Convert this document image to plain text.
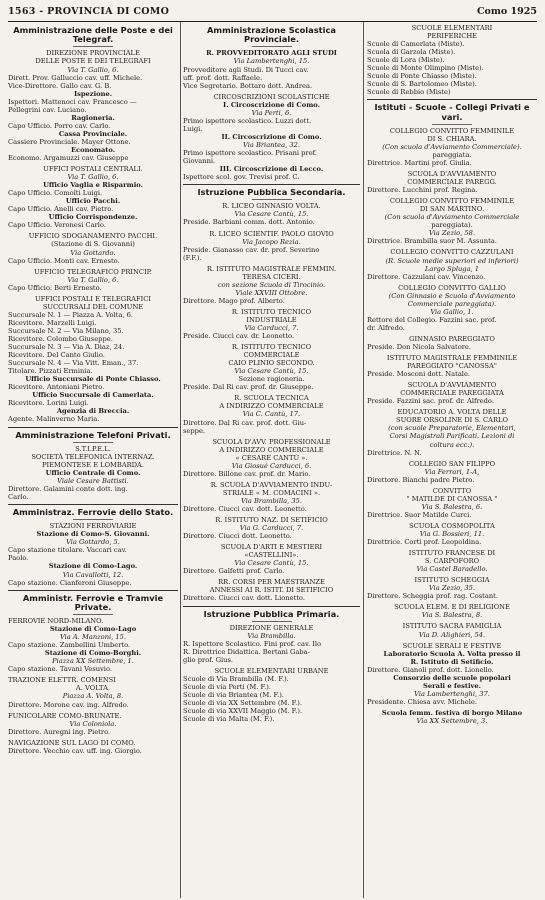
1563 - PROVINCIA DI COMO	Como 1925
Amministrazione delle Poste e dei Telegraf.
DIREZIONE PROVINCIALE
DELLE POSTE E DEI TELEGRAFI
Via T. Gallio, 6.
Dirett. Prov. Galluccio cav. uff. Michele.
Vice-Direttore. Gallo cav. G. B.
Ispezione.
Ispettori. Mattenoci cav. Francesco —
Pellegrini cav. Luciano.
Ragioneria.
Capo Ufficio. Porro cav. Carlo.
Cassa Provinciale.
Cassiere Provinciale. Mayer Ottone.
Economato.
Economo. Argamuzzi cav. Giuseppe
UFFICI POSTALI CENTRALI.
Via T. Gallio, 6.
Ufficio Vaglia e Risparmio.
Capo Ufficio. Comoîti Luigi.
Ufficio Pacchi.
Capo Ufficio. Anelli cav. Pietro.
Ufficio Corrispondenze.
Capo Ufficio. Veronesi Carlo.
UFFICIO SDOGANAMENTO PACCHI.
(Stazione di S. Giovanni)
Via Gottardo.
Capo Ufficio. Monti cav. Ernesto.
UFFICIO TELEGRAFICO PRINCIP.
Via T. Gallio, 6.
Capo Ufficio. Berti Ernesto.
UFFICI POSTALI E TELEGRAFICI
SUCCURSALI DEL COMUNE
Succursale N. 1 — Piazza A. Volta, 6.
Ricevitore. Marzelli Luigi.
Succursale N. 2 — Via Milano, 35.
Ricevitore. Colombo Giuseppe.
Succursale N. 3 — Via A. Diaz, 24.
Ricevitore. Del Canto Giulio.
Succursale N. 4 — Via Vitt. Eman., 37.
Titolare. Pizzati Erminia.
Ufficio Succursale di Ponte Chiasso.
Ricevitore. Antoniani Pietro.
Ufficio Succursale di Camerlata.
Ricevitore. Lorini Luigi.
Agenzia di Breccia.
Agente. Malinverno Maria.
Amministrazione Telefoni Privati.
S.T.I.P.E.L.
SOCIETÀ TELEFONICA INTERNAZ.
PIEMONTESE E LOMBARDA.
Ufficio Centrale di Como.
Viale Cesare Battisti.
Direttore. Galamini conte dott. ing.
Carlo.
Amministraz. Ferrovie dello Stato.
STAZIONI FERROVIARIE
Stazione di Como-S. Giovanni.
Via Gottardo, 5.
Capo stazione titolare. Vaccari cav.
Paolo.
Stazione di Como-Lago.
Via Cavallotti, 12.
Capo stazione. Cianferoni Giuseppe.
Amministr. Ferrovie e Tramvie Private.
FERROVIE NORD-MILANO.
Stazione di Como-Lago
Via A. Manzoni, 15.
Capo stazione. Zambellini Umberto.
Stazione di Como-Borghi.
Piazza XX Settembre, 1.
Capo stazione. Tavani Vesuvio.
TRAZIONE ELETTR. COMENSI
A. VOLTA.
Piazza A. Volta, 8.
Direttore. Morone cav. ing. Alfredo.
FUNICOLARE COMO-BRUNATE.
Via Coloniola.
Direttore. Auregni ing. Pietro.
NAVIGAZIONE SUL LAGO DI COMO.
Direttore. Vecchio cav. uff. ing. Giorgio.
Amministrazione Scolastica Provinciale.
R. PROVVEDITORATO AGLI STUDI
Via Lambertenghi, 15.
Provveditore agli Studi. Di Tucci cav.
uff. prof. dott. Raffaele.
Vice Segretario. Bottaro dott. Andrea.
CIRCOSCRIZIONI SCOLASTICHE
I. Circoscrizione di Como.
Via Perti, 6.
Primo ispettore scolastico. Luzzi dott.
Luigi.
II. Circoscrizione di Como.
Via Briantea, 32.
Primo ispettore scolastico. Prisani prof.
Giovanni.
III. Circoscrizione di Lecco.
Ispettore scol. gov. Trevisi prof. C.
Istruzione Pubblica Secondaria.
R. LICEO GINNASIO VOLTA.
Via Cesare Cantù, 15.
Preside. Barbiani comm. dott. Antonio.
R. LICEO SCIENTIF. PAOLO GIOVIO
Via Jacopo Rezia.
Preside. Gianasso cav. dr. prof. Severino
(F.F.).
R. ISTITUTO MAGISTRALE FEMMIN.
TERESA CICERI.
con sezione Scuola di Tirocinio.
Viale XXVIII Ottobre.
Direttore. Mago prof. Alberto.
R. ISTITUTO TECNICO
INDUSTRIALE
Via Carducci, 7.
Preside. Ciucci cav. dr. Leonetto.
R. ISTITUTO TECNICO
COMMERCIALE
CAIO PLINIO SECONDO.
Via Cesare Cantù, 15.
Sezione ragioneria.
Preside. Dal Ri cav. prof. dr. Giuseppe.
R. SCUOLA TECNICA
A INDIRIZZO COMMERCIALE
Via C. Cantù, 17.
Direttore. Dal Ri cav. prof. dott. Giu-
seppe.
SCUOLA D'AVV. PROFESSIONALE
A INDIRIZZO COMMERCIALE
« CESARE CANTÙ ».
Via Giosuè Carducci, 6.
Direttore. Billone cav. prof. dr. Mario.
R. SCUOLA D'AVVIAMENTO INDU-
STRIALE « M. COMACINI ».
Via Brambilla, 35.
Direttore. Ciucci cav. dott. Leonetto.
R. ISTITUTO NAZ. DI SETIFICIO
Via G. Carducci, 7.
Direttore. Ciucci dott. Leonetto.
SCUOLA D'ARTI E MESTIERI
«CASTELLINI».
Via Cesare Cantù, 15.
Direttore. Galfetti prof. Carlo.
RR. CORSI PER MAESTRANZE
ANNESSI AI R. ISTIT. DI SETIFICIO
Direttore. Ciucci cav. dott. Lionetto.
Istruzione Pubblica Primaria.
DIREZIONE GENERALE
Via Brambilla.
R. Ispettore Scolastico. Fini prof. cav. Ilo
R. Direttrice Didattica. Bertani Gaba-
glio prof. Gius.
SCUOLE ELEMENTARI URBANE
Scuole di Via Brambilla (M. F.).
Scuole di via Perti (M. F.).
Scuole di via Briantea (M. F.).
Scuole di via XX Settembre (M. F.).
Scuole di via XXVII Maggio (M. F.).
Scuole di via Malta (M. F.).
SCUOLE ELEMENTARI
PERIFERICHE
Scuole di Camerlata (Miste).
Scuola di Garzola (Miste).
Scuole di Lora (Miste).
Scuole di Monte Olimpino (Miste).
Scuole di Ponte Chiasso (Miste).
Scuole di S. Bartolomeo (Miste).
Scuole di Rebbio (Miste)
Istituti - Scuole - Collegi Privati e vari.
COLLEGIO CONVITTO FEMMINILE
DI S. CHIARA.
(Con scuola d'Avviamento Commerciale).
pareggiata.
Direttrice. Martini prof. Giulia.
SCUOLA D'AVVIAMENTO
COMMERCIALE PAREGG.
Direttore. Lucchini prof. Regina.
COLLEGIO CONVITTO FEMMINILE
DI SAN MARTINO.
(Con scuola d'Avviamento Commerciale
pareggiata).
Via Zezio, 58.
Direttrice. Brambilla suor M. Assunta.
COLLEGIO CONVITTO CAZZULANI
(R. Scuole medie superiori ed inferiori)
Largo Spluga, 1
Direttore. Cazzulani cav. Vincenzo.
COLLEGIO CONVITTO GALLIO
(Con Ginnasio e Scuola d'Avviamento
Commerciale pareggiata).
Via Gallio, 1.
Rettore del Collegio. Fazzini sac. prof.
dr. Alfredo.
GINNASIO PAREGGIATO
Preside. Don Nicola Salvatore.
ISTITUTO MAGISTRALE FEMMINILE
PAREGGIATO "CANOSSA"
Preside. Mosconi dott. Natale.
SCUOLA D'AVVIAMENTO
COMMERCIALE PAREGGIATA
Preside. Fazzini sac. prof. dr. Alfredo.
EDUCATORIO A. VOLTA DELLE
SUORE ORSOLINE DI S. CARLO
(con scuole Preparatorie, Elementari,
Corsi Magistrali Parificati. Lezioni di
coltura ecc.).
Direttrice. N. N.
COLLEGIO SAN FILIPPO
Via Ferrari, 1-A,
Direttore. Bianchi padre Pietro.
CONVITTO
" MATILDE DI CANOSSA "
Via S. Balestra, 6.
Direttrice. Suor Matilde Curci.
SCUOLA COSMOPOLITA
Via G. Bossieri, 11.
Direttrice. Corti prof. Leopoldina.
ISTITUTO FRANCESE DI
S. CARPOFORO
Via Castel Baradello.
ISTITUTO SCHEGGIA
Via Zezio, 35.
Direttore. Scheggia prof. rag. Costant.
SCUOLA ELEM. E DI RELIGIONE
Via S. Balestra, 8.
ISTITUTO SACRA FAMIGLIA
Via D. Alighieri, 54.
SCUOLE SERALI E FESTIVE
Laboratorio Scuola A. Volta presso il
R. Istituto di Setificio.
Direttore. Gianoli prof. dott. Lionello.
Consorzio delle scuole popolari
Serali e festive.
Via Lambertenghi, 37.
Presidente. Chiesa avv. Michele.
Scuola femm. festiva di borgo Milano
Via XX Settembre, 3.
